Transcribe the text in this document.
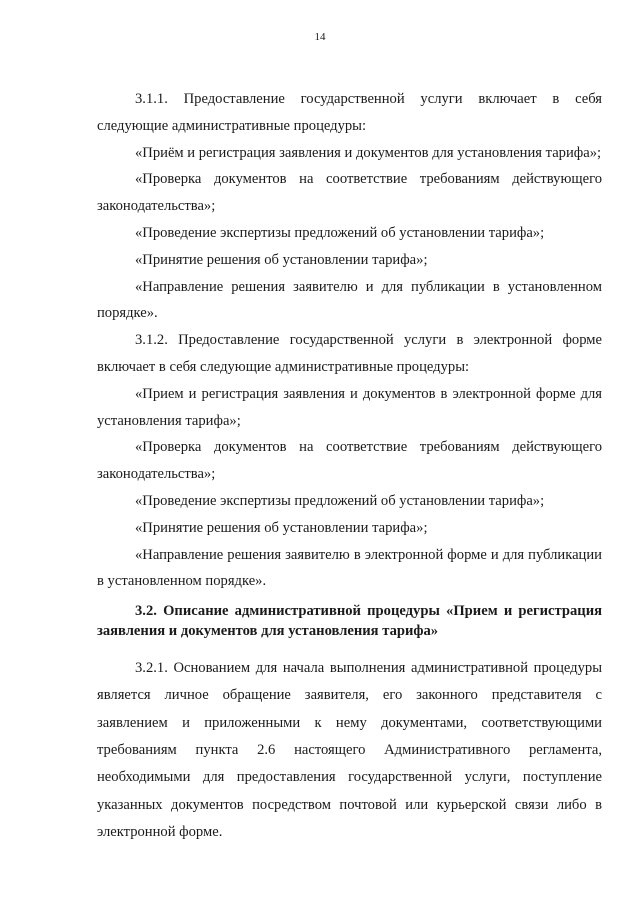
14

3.1.1. Предоставление государственной услуги включает в себя следующие административные процедуры:

«Приём и регистрация заявления и документов для установления тарифа»;

«Проверка документов на соответствие требованиям действующего законодательства»;

«Проведение экспертизы предложений об установлении тарифа»;

«Принятие решения об установлении тарифа»;

«Направление решения заявителю и для публикации в установленном порядке».

3.1.2. Предоставление государственной услуги в электронной форме включает в себя следующие административные процедуры:

«Прием и регистрация заявления и документов в электронной форме для установления тарифа»;

«Проверка документов на соответствие требованиям действующего законодательства»;

«Проведение экспертизы предложений об установлении тарифа»;

«Принятие решения об установлении тарифа»;

«Направление решения заявителю в электронной форме и для публикации в установленном порядке».

3.2. Описание административной процедуры «Прием и регистрация заявления и документов для установления тарифа»

3.2.1. Основанием для начала выполнения административной процедуры является личное обращение заявителя, его законного представителя с заявлением и приложенными к нему документами, соответствующими требованиям пункта 2.6 настоящего Административного регламента, необходимыми для предоставления государственной услуги, поступление указанных документов посредством почтовой или курьерской связи либо в электронной форме.
